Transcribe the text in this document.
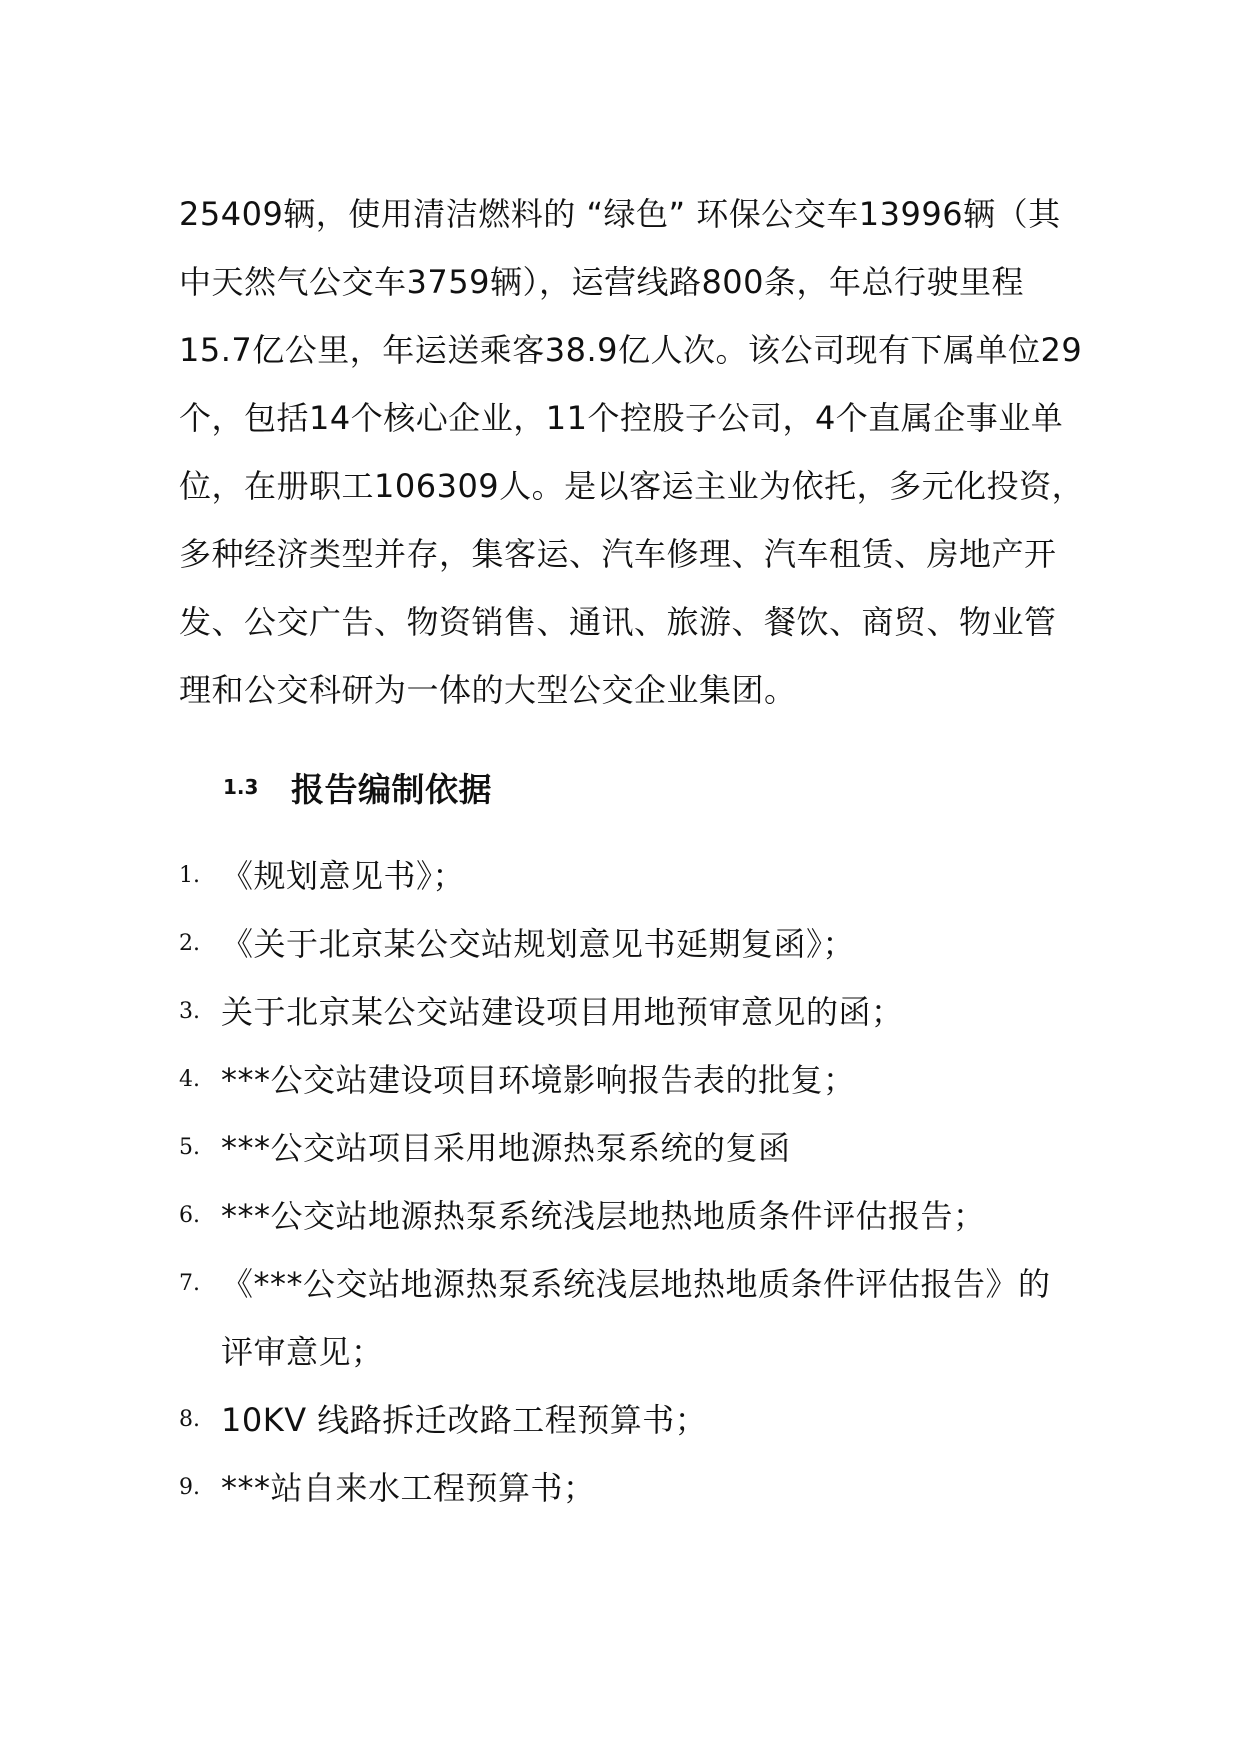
25409辆，使用清洁燃料的 “绿色” 环保公交车13996辆（其
中天然气公交车3759辆），运营线路800条，年总行驶里程
15.7亿公里，年运送乘客38.9亿人次。该公司现有下属单位29
个，包括14个核心企业，11个控股子公司，4个直属企事业单
位，在册职工106309人。是以客运主业为依托，多元化投资，
多种经济类型并存，集客运、汽车修理、汽车租赁、房地产开
发、公交广告、物资销售、通讯、旅游、餐饮、商贸、物业管
理和公交科研为一体的大型公交企业集团。
1.3 报告编制依据
1. 《规划意见书》；
2. 《关于北京某公交站规划意见书延期复函》；
3. 关于北京某公交站建设项目用地预审意见的函；
4. ***公交站建设项目环境影响报告表的批复；
5. ***公交站项目采用地源热泵系统的复函
6. ***公交站地源热泵系统浅层地热地质条件评估报告；
7. 《***公交站地源热泵系统浅层地热地质条件评估报告》的
评审意见；
8. 10KV 线路拆迁改路工程预算书；
9. ***站自来水工程预算书；
